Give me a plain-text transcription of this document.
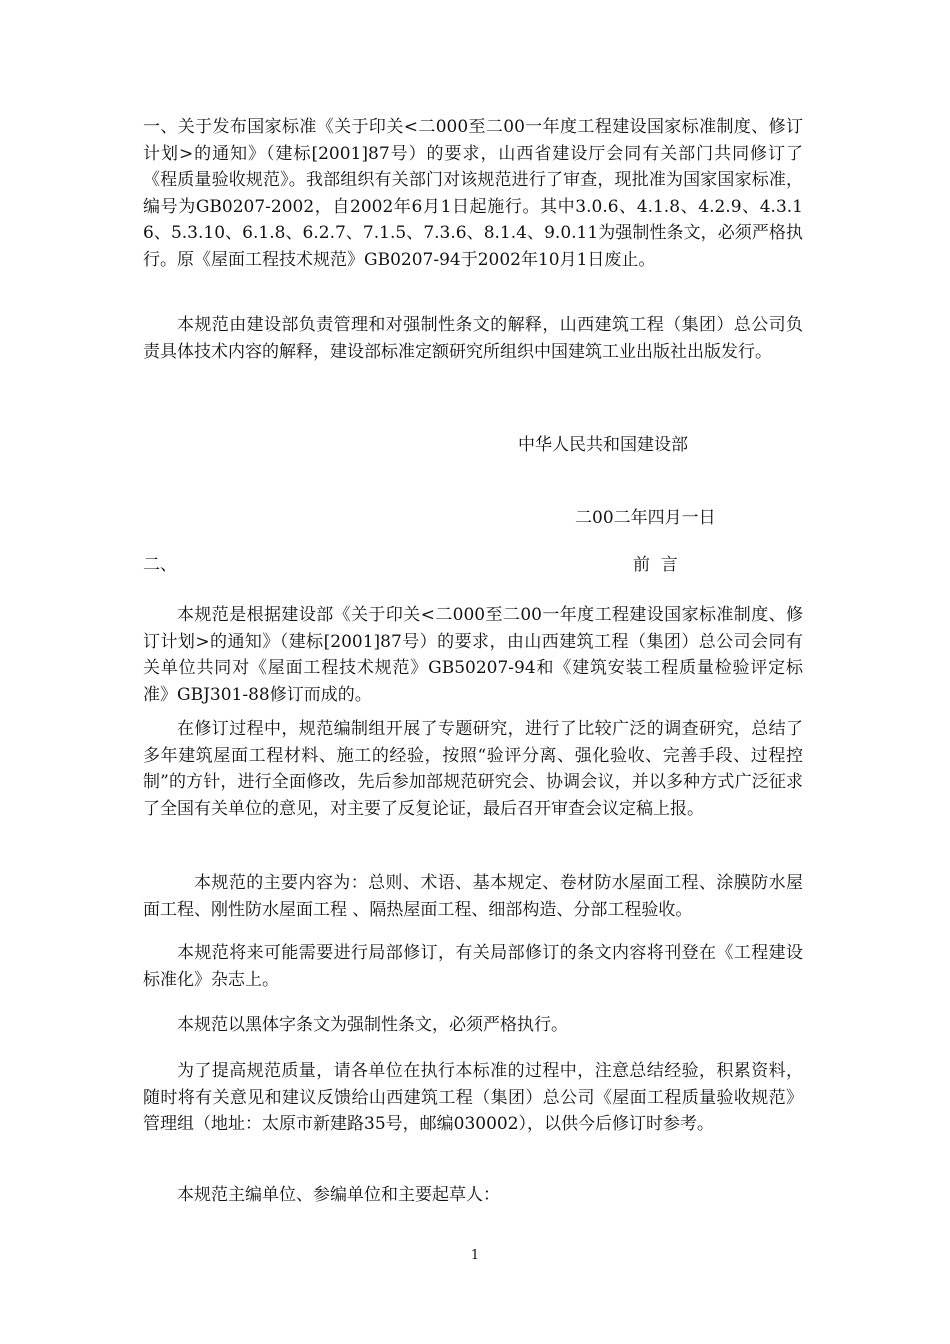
一、关于发布国家标准《关于印关<二000至二00一年度工程建设国家标准制度、修订计划>的通知》（建标[2001]87号）的要求，山西省建设厅会同有关部门共同修订了《程质量验收规范》。我部组织有关部门对该规范进行了审查，现批准为国家国家标准，编号为GB0207-2002，自2002年6月1日起施行。其中3.0.6、4.1.8、4.2.9、4.3.16、5.3.10、6.1.8、6.2.7、7.1.5、7.3.6、8.1.4、9.0.11为强制性条文，必须严格执行。原《屋面工程技术规范》GB0207-94于2002年10月1日废止。

本规范由建设部负责管理和对强制性条文的解释，山西建筑工程（集团）总公司负责具体技术内容的解释，建设部标准定额研究所组织中国建筑工业出版社出版发行。

中华人民共和国建设部

二00二年四月一日

二、	前  言

本规范是根据建设部《关于印关<二000至二00一年度工程建设国家标准制度、修订计划>的通知》（建标[2001]87号）的要求，由山西建筑工程（集团）总公司会同有关单位共同对《屋面工程技术规范》GB50207-94和《建筑安装工程质量检验评定标准》GBJ301-88修订而成的。

在修订过程中，规范编制组开展了专题研究，进行了比较广泛的调查研究，总结了多年建筑屋面工程材料、施工的经验，按照“验评分离、强化验收、完善手段、过程控制”的方针，进行全面修改，先后参加部规范研究会、协调会议，并以多种方式广泛征求了全国有关单位的意见，对主要了反复论证，最后召开审查会议定稿上报。

本规范的主要内容为：总则、术语、基本规定、卷材防水屋面工程、涂膜防水屋面工程、刚性防水屋面工程 、隔热屋面工程、细部构造、分部工程验收。

本规范将来可能需要进行局部修订，有关局部修订的条文内容将刊登在《工程建设标准化》杂志上。

本规范以黑体字条文为强制性条文，必须严格执行。

为了提高规范质量，请各单位在执行本标准的过程中，注意总结经验，积累资料，随时将有关意见和建议反馈给山西建筑工程（集团）总公司《屋面工程质量验收规范》管理组（地址：太原市新建路35号，邮编030002），以供今后修订时参考。

本规范主编单位、参编单位和主要起草人：

1
